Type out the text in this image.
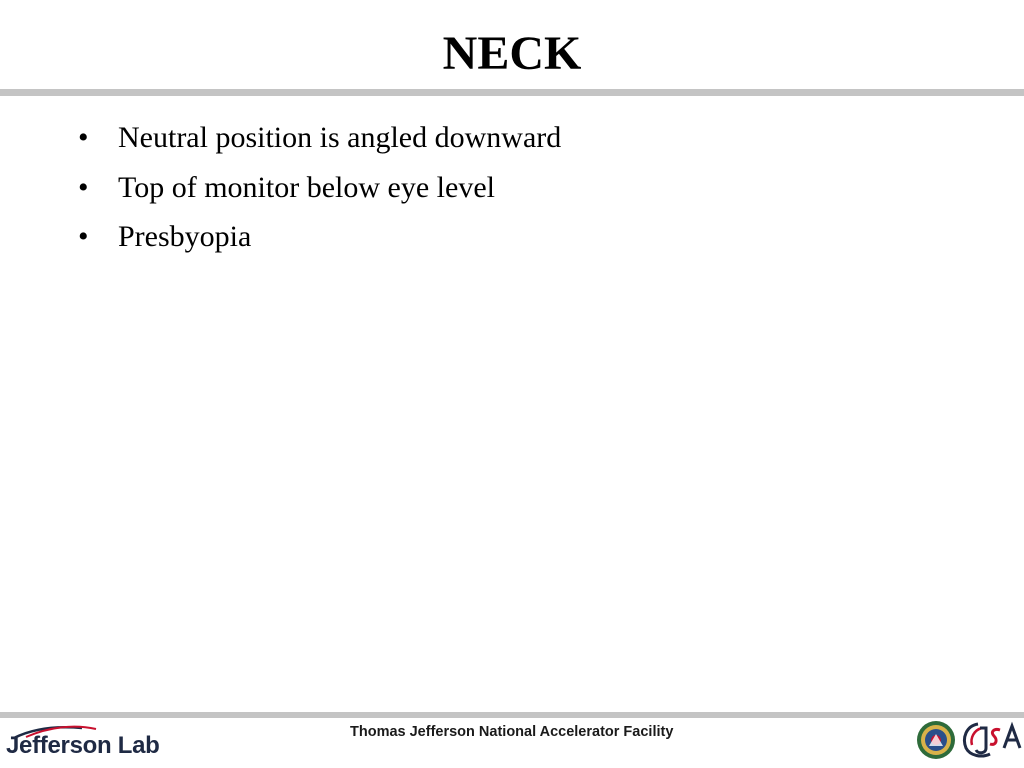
NECK
• Neutral position is angled downward
• Top of monitor below eye level
• Presbyopia
Jefferson Lab	Thomas Jefferson National Accelerator Facility
